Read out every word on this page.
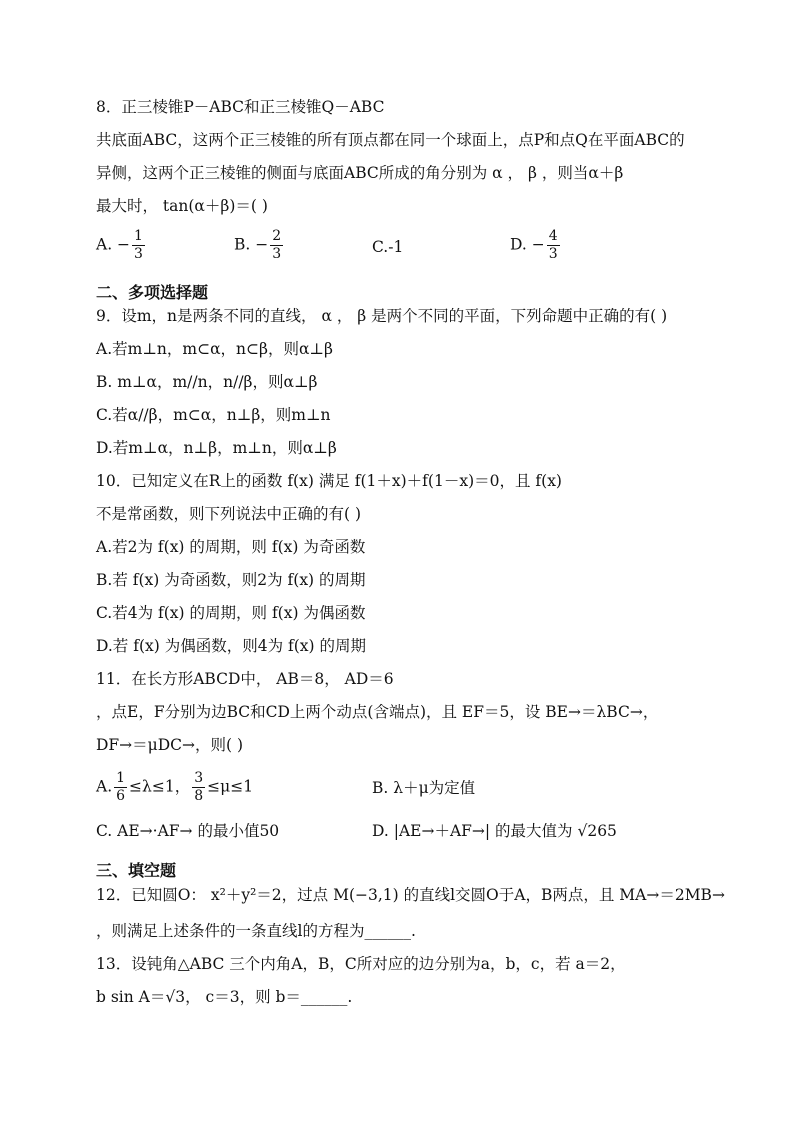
8．正三棱锥P－ABC和正三棱锥Q－ABC
共底面ABC，这两个正三棱锥的所有顶点都在同一个球面上，点P和点Q在平面ABC的
异侧，这两个正三棱锥的侧面与底面ABC所成的角分别为 α ， β ，则当α＋β
最大时， tan(α＋β)＝( )
A. − $\frac{1}{3}$	B. − $\frac{2}{3}$	C.-1	D. − $\frac{4}{3}$
二、多项选择题
9．设m，n是两条不同的直线， α ， β 是两个不同的平面，下列命题中正确的有( )
A.若m⊥n，m⊂α，n⊂β，则α⊥β
B. m⊥α，m//n，n//β，则α⊥β
C.若α//β，m⊂α，n⊥β，则m⊥n
D.若m⊥α，n⊥β，m⊥n，则α⊥β
10．已知定义在R上的函数 f(x) 满足 f(1＋x)＋f(1－x)＝0，且 f(x)
不是常函数，则下列说法中正确的有( )
A.若2为 f(x) 的周期，则 f(x) 为奇函数
B.若 f(x) 为奇函数，则2为 f(x) 的周期
C.若4为 f(x) 的周期，则 f(x) 为偶函数
D.若 f(x) 为偶函数，则4为 f(x) 的周期
11．在长方形ABCD中， AB＝8， AD＝6
，点E，F分别为边BC和CD上两个动点(含端点)，且 EF＝5，设 BE→＝λBC→，
DF→＝μDC→，则( )
A. $\frac{1}{6} \le\lambda\le 1$， $\frac{3}{8} \le\mu\le 1$	B. λ＋μ为定值
C. AE→·AF→ 的最小值50	D. |AE→＋AF→| 的最大值为 √265
三、填空题
12．已知圆O： x²＋y²＝2，过点 M(−3,1) 的直线l交圆O于A，B两点，且 MA→＝2MB→
，则满足上述条件的一条直线l的方程为______.
13．设钝角△ABC 三个内角A，B，C所对应的边分别为a，b，c，若 a＝2，
b sin A＝√3， c＝3，则 b＝______.
